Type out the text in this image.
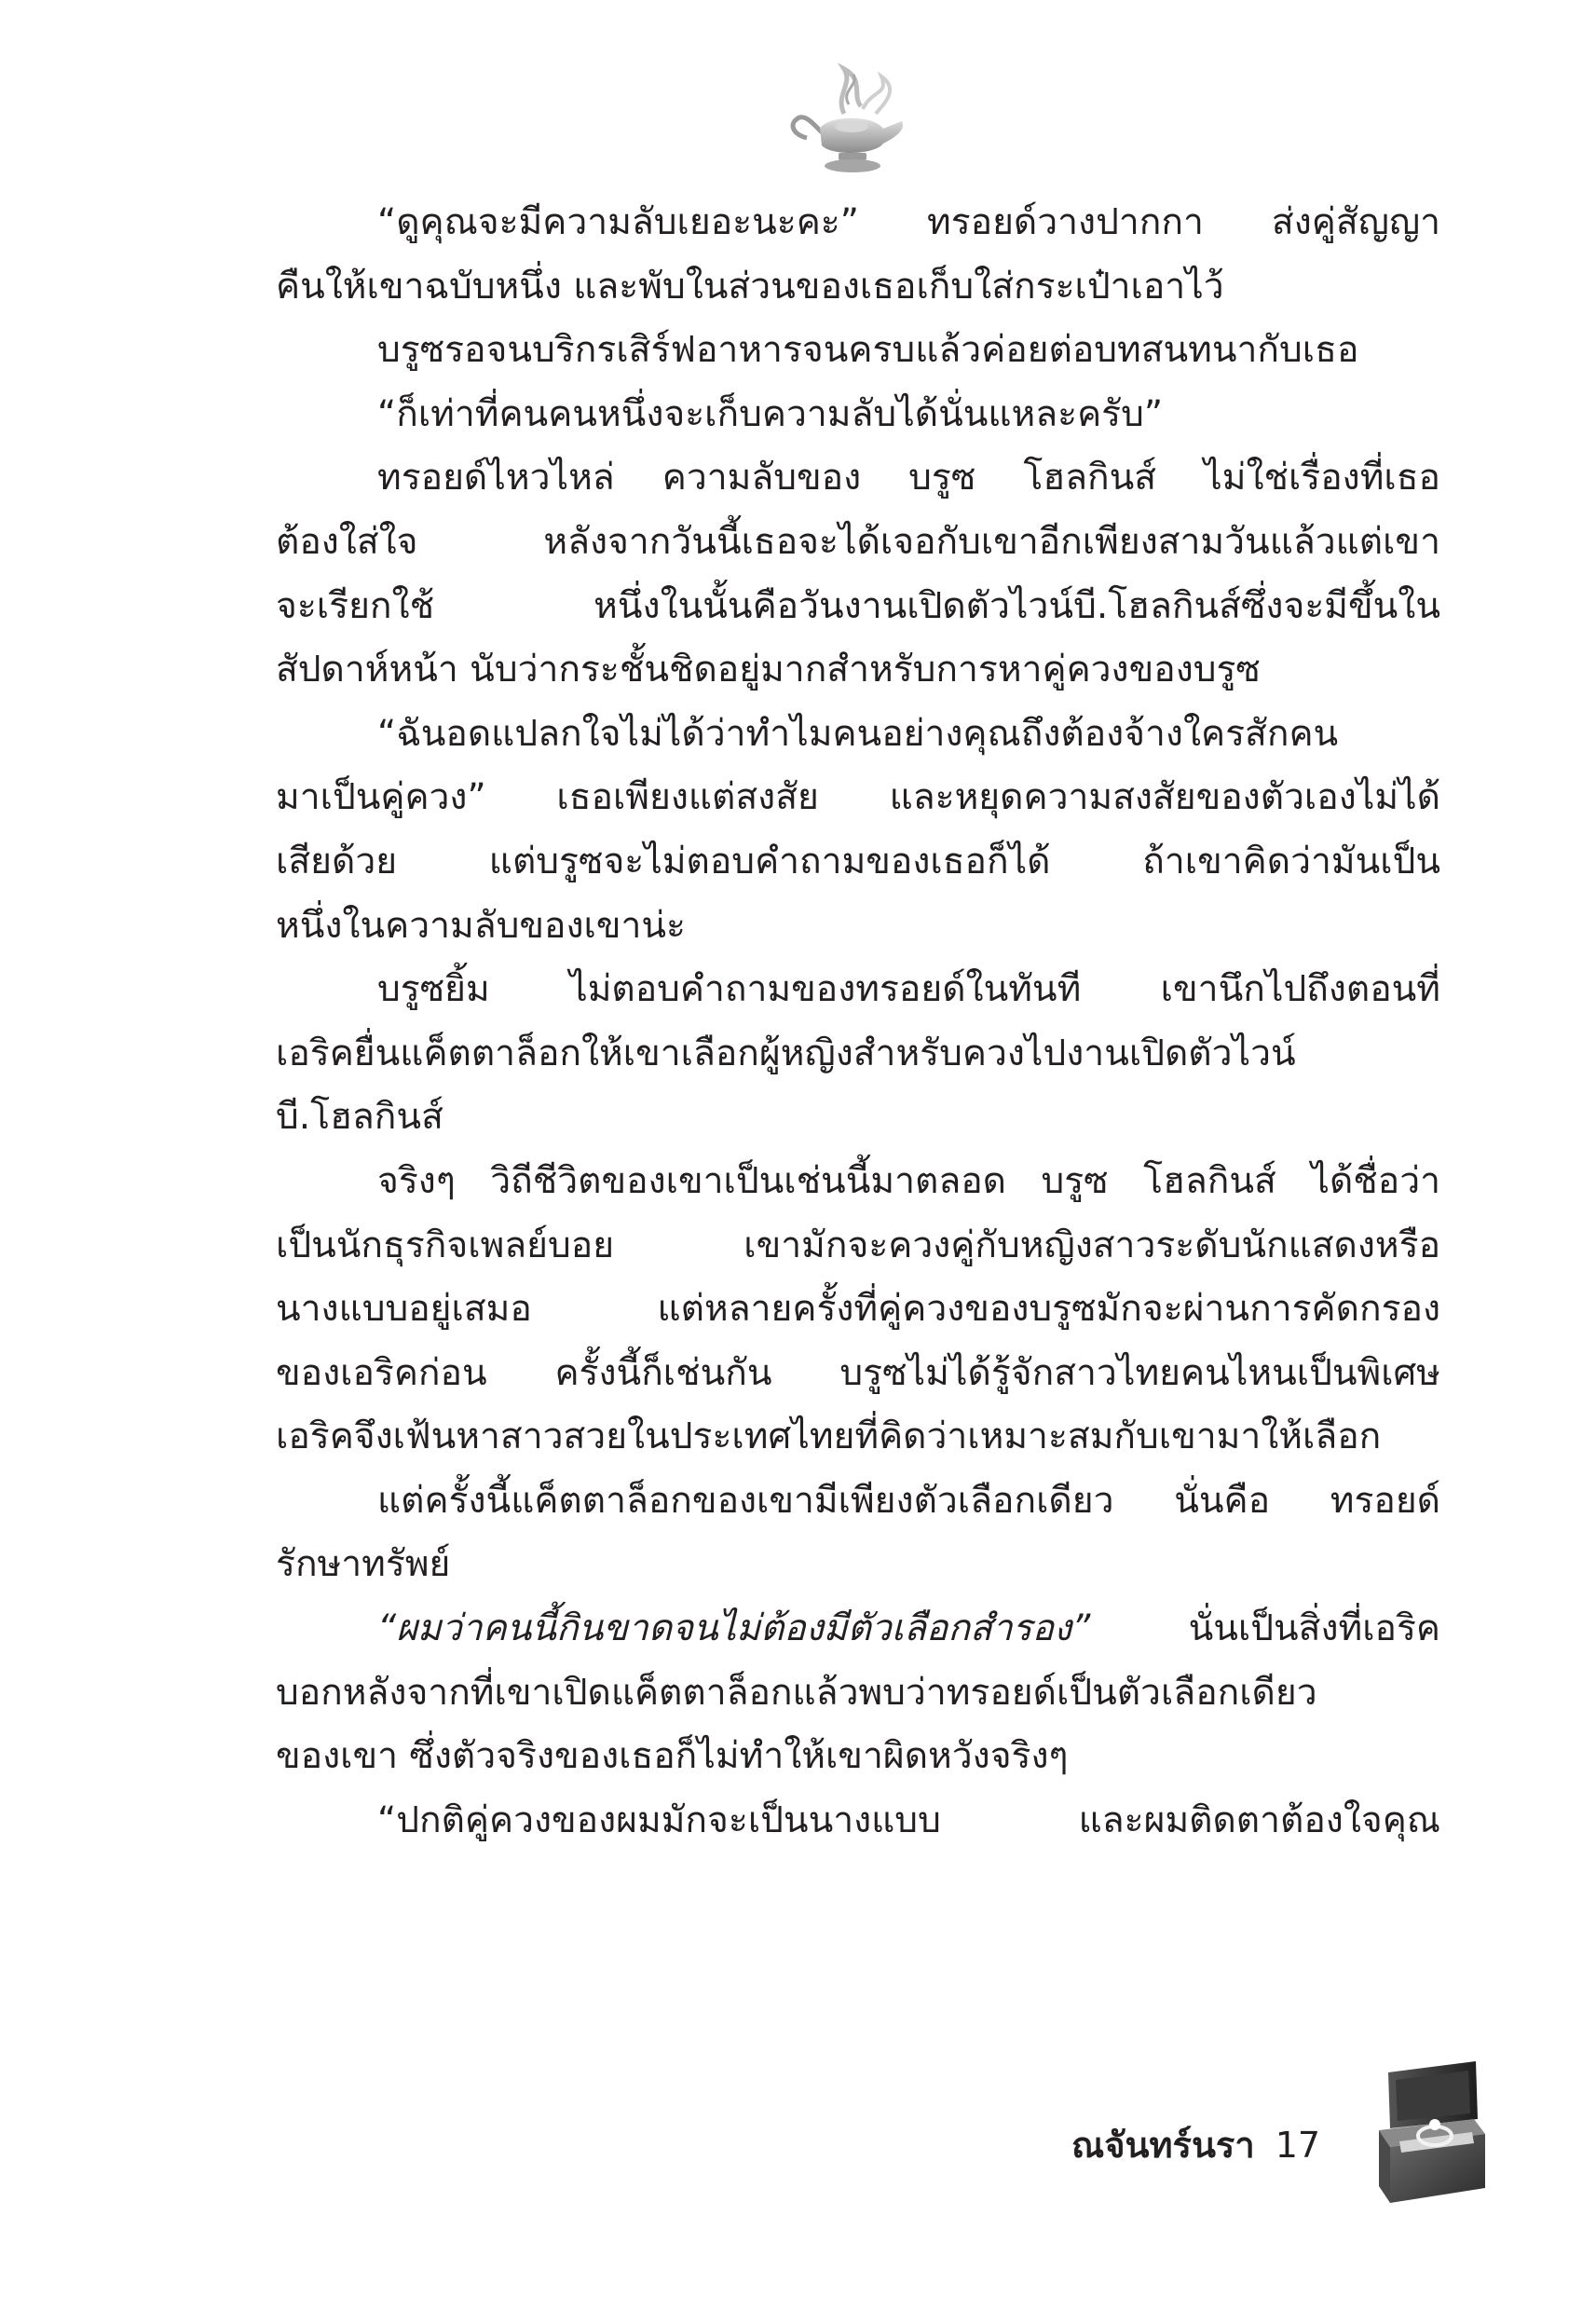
“ดูคุณจะมีความลับเยอะนะคะ” ทรอยด์วางปากกา ส่งคู่สัญญา
คืนให้เขาฉบับหนึ่ง และพับในส่วนของเธอเก็บใส่กระเป๋าเอาไว้
บรูซรอจนบริกรเสิร์ฟอาหารจนครบแล้วค่อยต่อบทสนทนากับเธอ
“ก็เท่าที่คนคนหนึ่งจะเก็บความลับได้นั่นแหละครับ”
ทรอยด์ไหวไหล่ ความลับของ บรูซ โฮลกินส์ ไม่ใช่เรื่องที่เธอ
ต้องใส่ใจ หลังจากวันนี้เธอจะได้เจอกับเขาอีกเพียงสามวันแล้วแต่เขา
จะเรียกใช้ หนึ่งในนั้นคือวันงานเปิดตัวไวน์บี.โฮลกินส์ซึ่งจะมีขึ้นใน
สัปดาห์หน้า นับว่ากระชั้นชิดอยู่มากสำหรับการหาคู่ควงของบรูซ
“ฉันอดแปลกใจไม่ได้ว่าทำไมคนอย่างคุณถึงต้องจ้างใครสักคน
มาเป็นคู่ควง” เธอเพียงแต่สงสัย และหยุดความสงสัยของตัวเองไม่ได้
เสียด้วย แต่บรูซจะไม่ตอบคำถามของเธอก็ได้ ถ้าเขาคิดว่ามันเป็น
หนึ่งในความลับของเขาน่ะ
บรูซยิ้ม ไม่ตอบคำถามของทรอยด์ในทันที เขานึกไปถึงตอนที่
เอริคยื่นแค็ตตาล็อกให้เขาเลือกผู้หญิงสำหรับควงไปงานเปิดตัวไวน์
บี.โฮลกินส์
จริงๆ วิถีชีวิตของเขาเป็นเช่นนี้มาตลอด บรูซ โฮลกินส์ ได้ชื่อว่า
เป็นนักธุรกิจเพลย์บอย เขามักจะควงคู่กับหญิงสาวระดับนักแสดงหรือ
นางแบบอยู่เสมอ แต่หลายครั้งที่คู่ควงของบรูซมักจะผ่านการคัดกรอง
ของเอริคก่อน ครั้งนี้ก็เช่นกัน บรูซไม่ได้รู้จักสาวไทยคนไหนเป็นพิเศษ
เอริคจึงเฟ้นหาสาวสวยในประเทศไทยที่คิดว่าเหมาะสมกับเขามาให้เลือก
แต่ครั้งนี้แค็ตตาล็อกของเขามีเพียงตัวเลือกเดียว นั่นคือ ทรอยด์
รักษาทรัพย์
“ผมว่าคนนี้กินขาดจนไม่ต้องมีตัวเลือกสำรอง” นั่นเป็นสิ่งที่เอริค
บอกหลังจากที่เขาเปิดแค็ตตาล็อกแล้วพบว่าทรอยด์เป็นตัวเลือกเดียว
ของเขา ซึ่งตัวจริงของเธอก็ไม่ทำให้เขาผิดหวังจริงๆ
“ปกติคู่ควงของผมมักจะเป็นนางแบบ และผมติดตาต้องใจคุณ
ณจันทร์นรา 17
